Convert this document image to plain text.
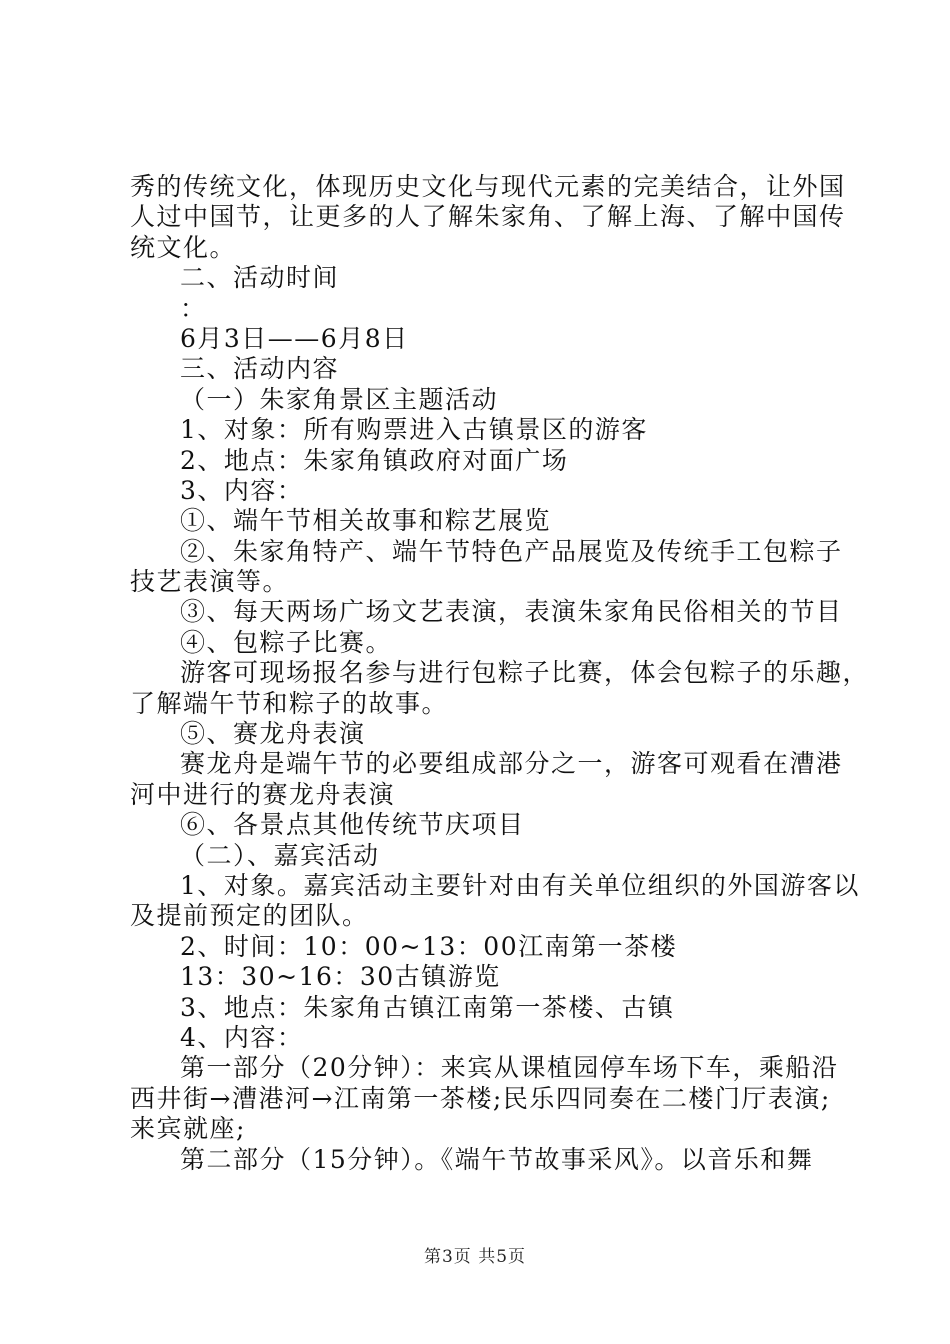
秀的传统文化，体现历史文化与现代元素的完美结合，让外国
人过中国节，让更多的人了解朱家角、了解上海、了解中国传
统文化。
二、活动时间
：
6月3日——6月8日
三、活动内容
（一）朱家角景区主题活动
1、对象：所有购票进入古镇景区的游客
2、地点：朱家角镇政府对面广场
3、内容：
①、端午节相关故事和粽艺展览
②、朱家角特产、端午节特色产品展览及传统手工包粽子
技艺表演等。
③、每天两场广场文艺表演，表演朱家角民俗相关的节目
④、包粽子比赛。
游客可现场报名参与进行包粽子比赛，体会包粽子的乐趣，
了解端午节和粽子的故事。
⑤、赛龙舟表演
赛龙舟是端午节的必要组成部分之一，游客可观看在漕港
河中进行的赛龙舟表演
⑥、各景点其他传统节庆项目
（二）、嘉宾活动
1、对象。嘉宾活动主要针对由有关单位组织的外国游客以
及提前预定的团队。
2、时间：10：00~13：00江南第一茶楼
13：30~16：30古镇游览
3、地点：朱家角古镇江南第一茶楼、古镇
4、内容：
第一部分（20分钟）：来宾从课植园停车场下车，乘船沿
西井街→漕港河→江南第一茶楼;民乐四同奏在二楼门厅表演;
来宾就座;
第二部分（15分钟）。《端午节故事采风》。以音乐和舞
第3页 共5页
